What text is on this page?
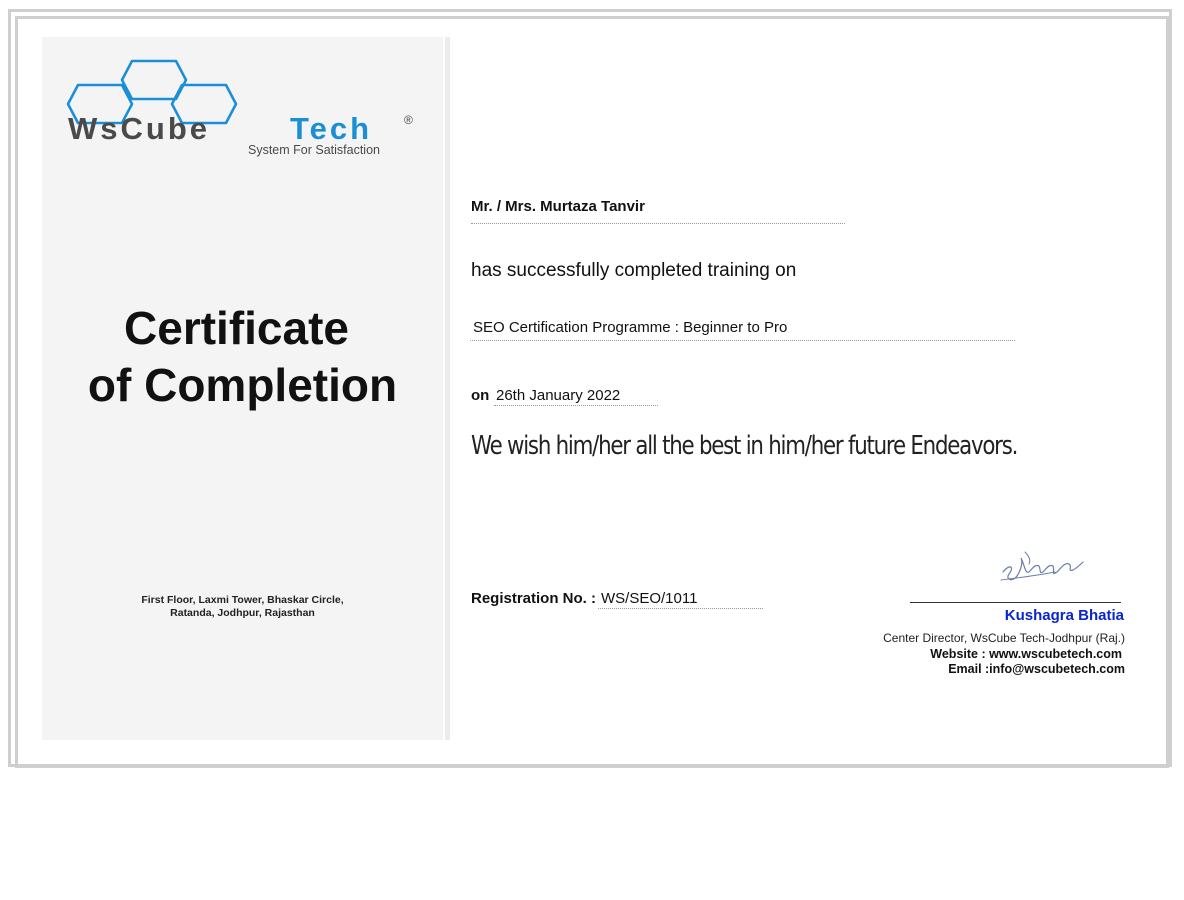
WsCube	Tech	®
System For Satisfaction
Certificate
of Completion
First Floor, Laxmi Tower, Bhaskar Circle,
Ratanda, Jodhpur, Rajasthan
Mr. / Mrs. Murtaza Tanvir
has successfully completed training on
SEO Certification Programme : Beginner to Pro
on 26th January 2022
We wish him/her all the best in him/her future Endeavors.
Registration No. : WS/SEO/1011
Kushagra Bhatia
Center Director, WsCube Tech-Jodhpur (Raj.)
Website : www.wscubetech.com
Email :info@wscubetech.com
